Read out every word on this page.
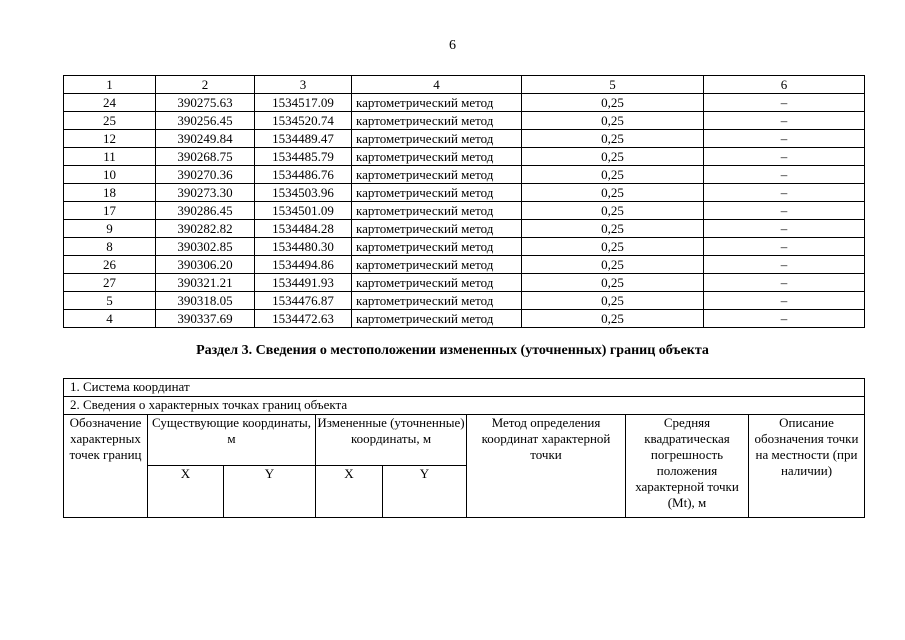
6
1	2	3	4	5	6
24	390275.63	1534517.09	картометрический метод	0,25	–
25	390256.45	1534520.74	картометрический метод	0,25	–
12	390249.84	1534489.47	картометрический метод	0,25	–
11	390268.75	1534485.79	картометрический метод	0,25	–
10	390270.36	1534486.76	картометрический метод	0,25	–
18	390273.30	1534503.96	картометрический метод	0,25	–
17	390286.45	1534501.09	картометрический метод	0,25	–
9	390282.82	1534484.28	картометрический метод	0,25	–
8	390302.85	1534480.30	картометрический метод	0,25	–
26	390306.20	1534494.86	картометрический метод	0,25	–
27	390321.21	1534491.93	картометрический метод	0,25	–
5	390318.05	1534476.87	картометрический метод	0,25	–
4	390337.69	1534472.63	картометрический метод	0,25	–
Раздел 3. Сведения о местоположении измененных (уточненных) границ объекта
1. Система координат							
2. Сведения о характерных точках границ объекта							
Обозначение характерных точек границ	Существующие координаты, м		Измененные (уточненные) координаты, м		Метод определения координат характерной точки	Средняя квадратическая погрешность положения характерной точки (Mt), м	Описание обозначения точки на местности (при наличии)
	X	Y	X	Y			
